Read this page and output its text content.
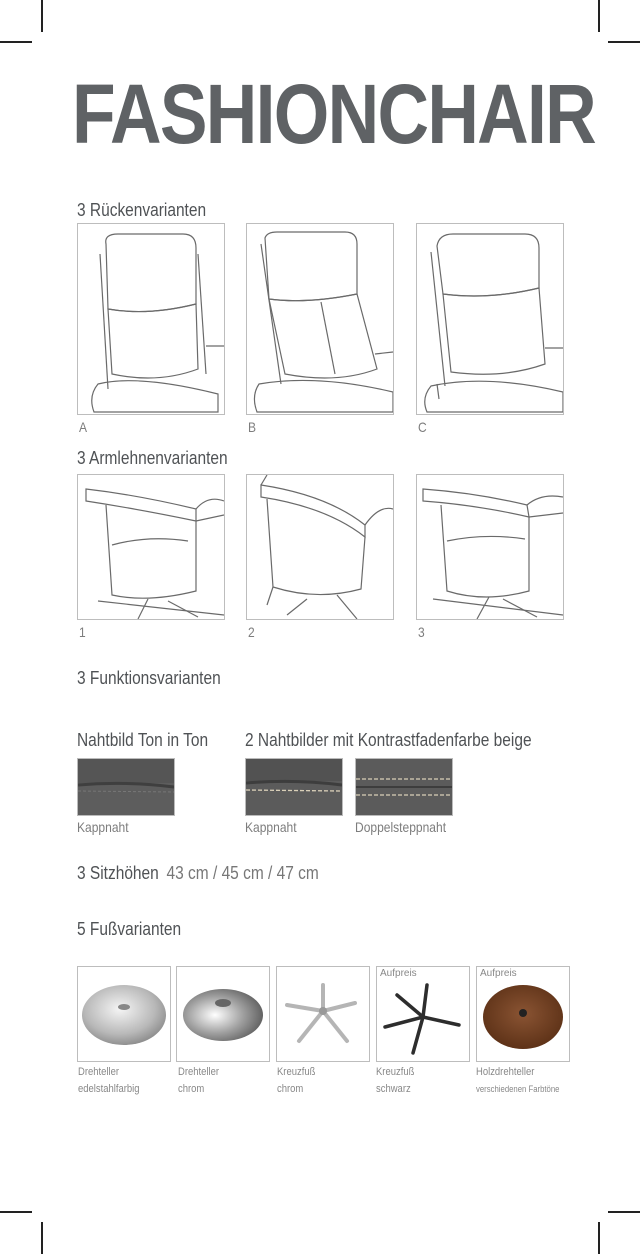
FASHIONCHAIR
3 Rückenvarianten
A	B	C
3 Armlehnenvarianten
1	2	3
3 Funktionsvarianten
Nahtbild Ton in Ton 2 Nahtbilder mit Kontrastfadenfarbe beige
Kappnaht	Kappnaht	Doppelsteppnaht
3 Sitzhöhen 43 cm / 45 cm / 47 cm
5 Fußvarianten
Aufpreis	Aufpreis
Drehteller
edelstahlfarbig
Drehteller
chrom
Kreuzfuß
chrom
Kreuzfuß
schwarz
Holzdrehteller
verschiedenen Farbtöne
